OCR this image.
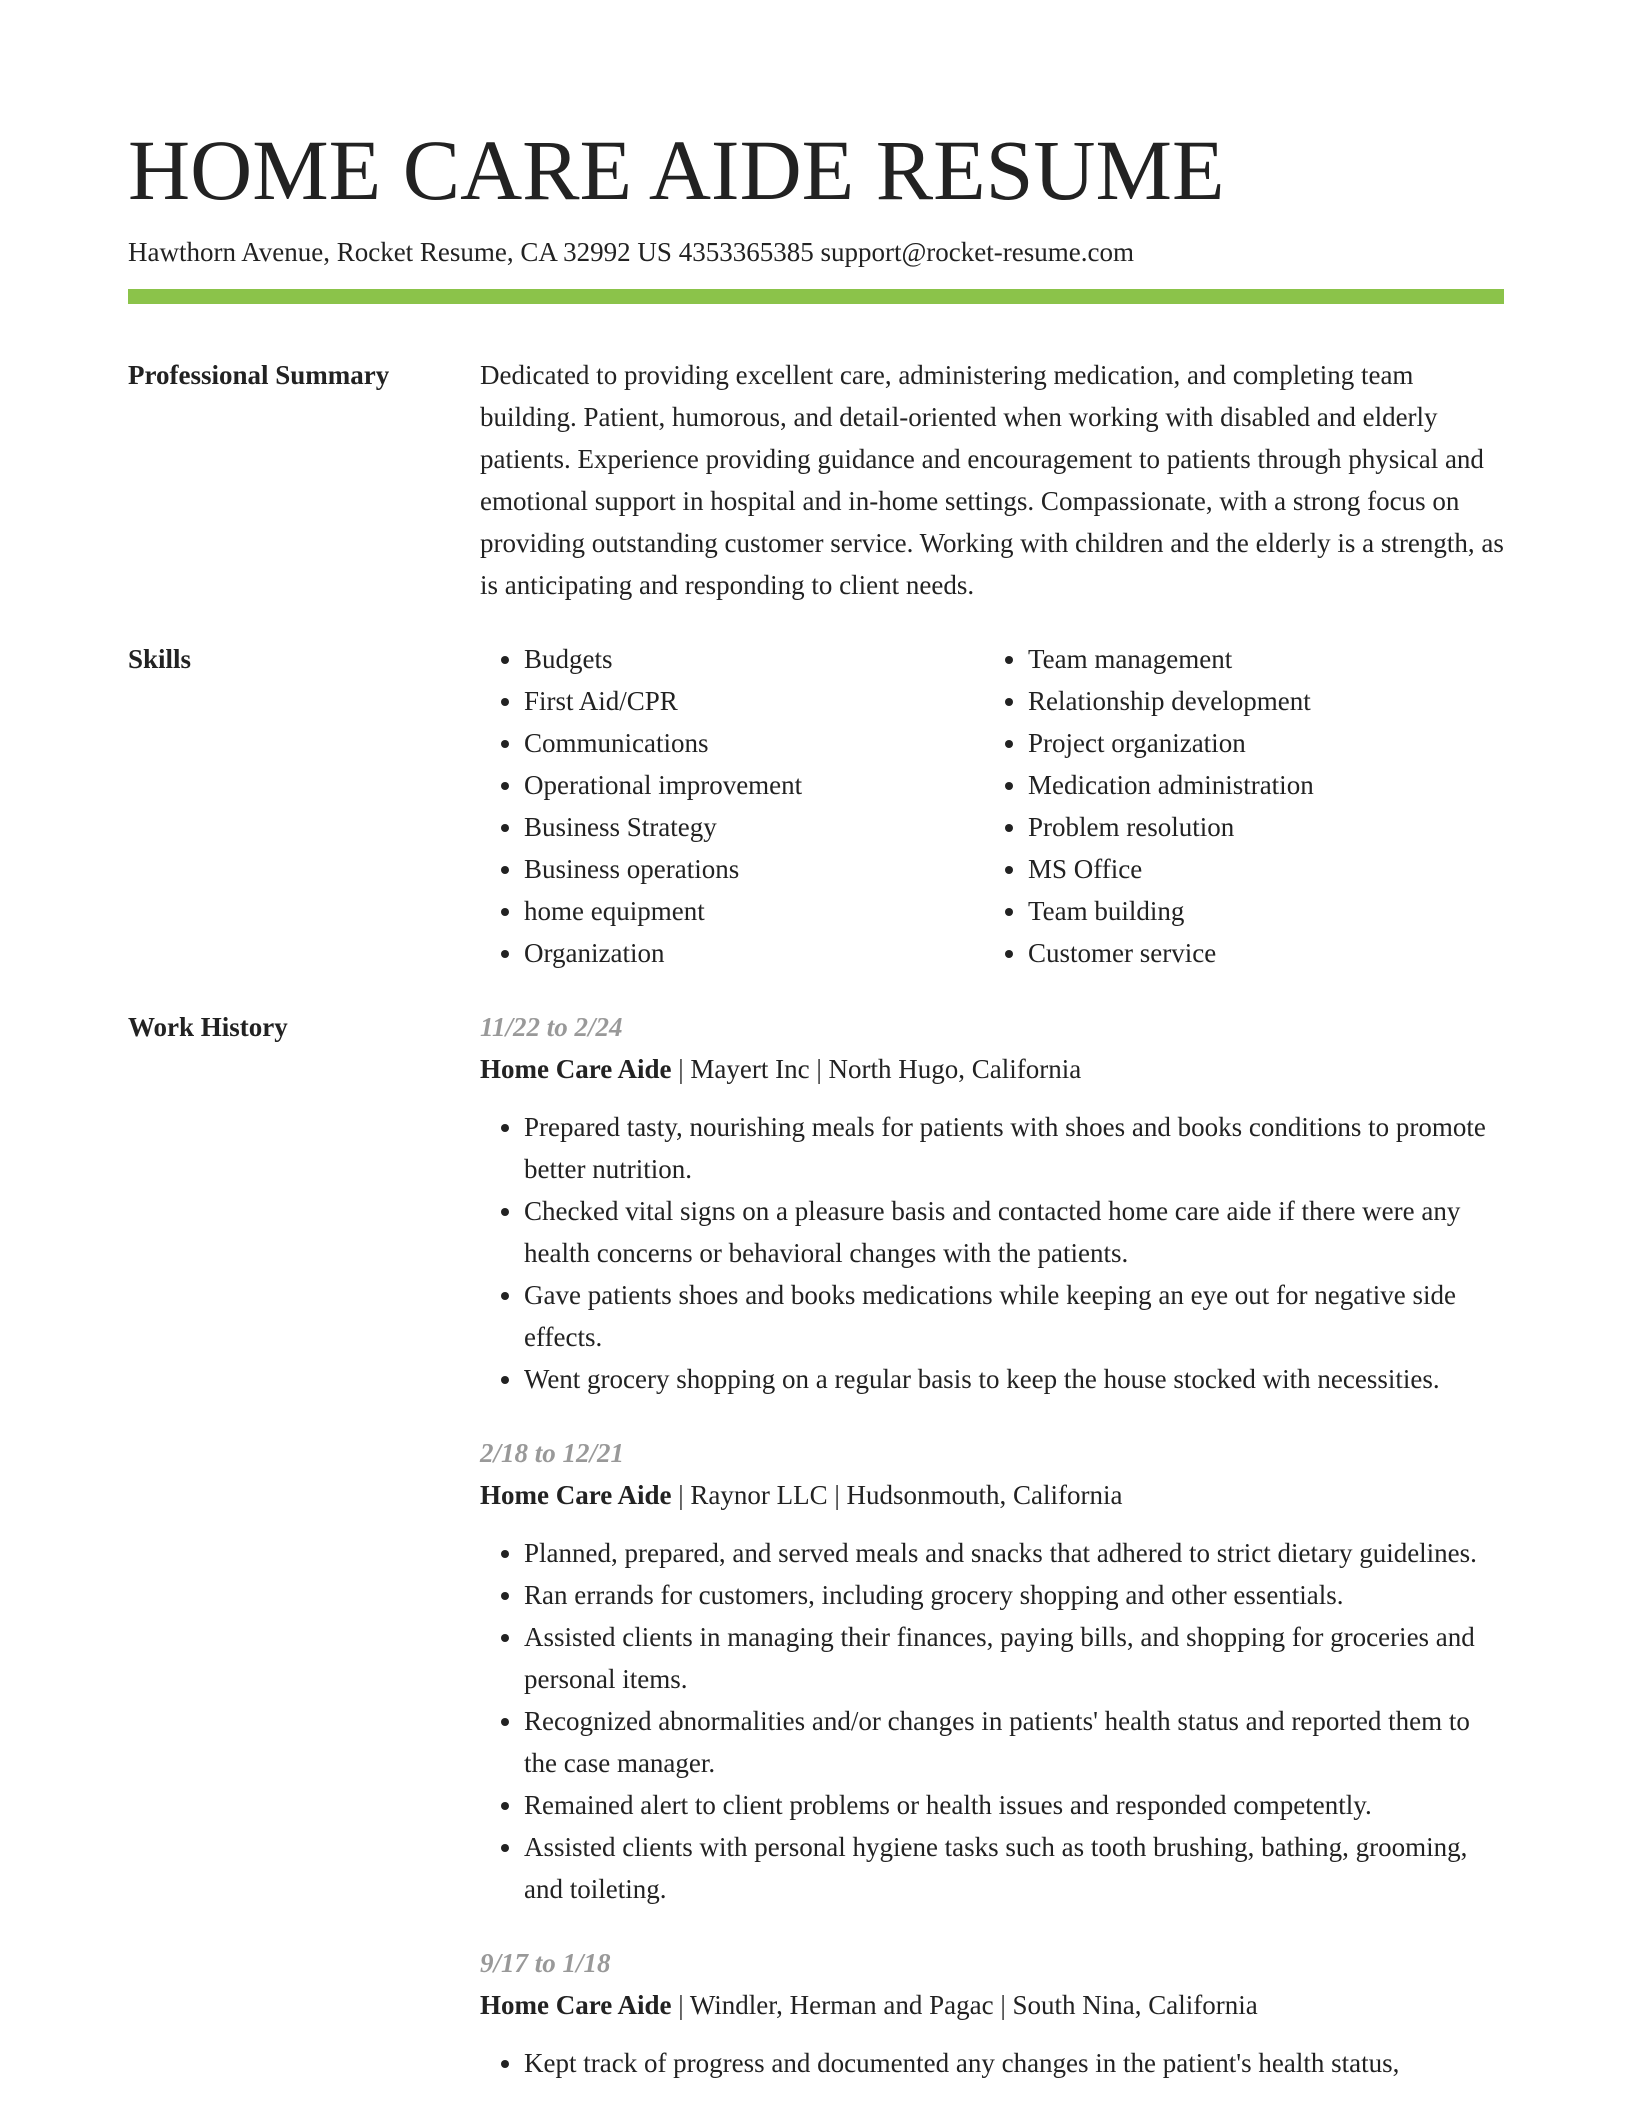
HOME CARE AIDE RESUME
Hawthorn Avenue, Rocket Resume, CA 32992 US 4353365385 support@rocket-resume.com
Professional Summary	Dedicated to providing excellent care, administering medication, and completing team building. Patient, humorous, and detail-oriented when working with disabled and elderly patients. Experience providing guidance and encouragement to patients through physical and emotional support in hospital and in-home settings. Compassionate, with a strong focus on providing outstanding customer service. Working with children and the elderly is a strength, as is anticipating and responding to client needs.

Skills
•	Budgets
• First Aid/CPR
• Communications
• Operational improvement
• Business Strategy
• Business operations
• home equipment
• Organization
• Team management
• Relationship development
• Project organization
• Medication administration
• Problem resolution
• MS Office
• Team building
• Customer service
Work History	11/22 to 2/24
Home Care Aide | Mayert Inc | North Hugo, California
• Prepared tasty, nourishing meals for patients with shoes and books conditions to promote better nutrition.
• Checked vital signs on a pleasure basis and contacted home care aide if there were any health concerns or behavioral changes with the patients.
• Gave patients shoes and books medications while keeping an eye out for negative side effects.
• Went grocery shopping on a regular basis to keep the house stocked with necessities.
2/18 to 12/21
Home Care Aide | Raynor LLC | Hudsonmouth, California
• Planned, prepared, and served meals and snacks that adhered to strict dietary guidelines.
• Ran errands for customers, including grocery shopping and other essentials.
• Assisted clients in managing their finances, paying bills, and shopping for groceries and personal items.
• Recognized abnormalities and/or changes in patients' health status and reported them to the case manager.
• Remained alert to client problems or health issues and responded competently.
• Assisted clients with personal hygiene tasks such as tooth brushing, bathing, grooming, and toileting.
9/17 to 1/18
Home Care Aide | Windler, Herman and Pagac | South Nina, California
• Kept track of progress and documented any changes in the patient's health status,
